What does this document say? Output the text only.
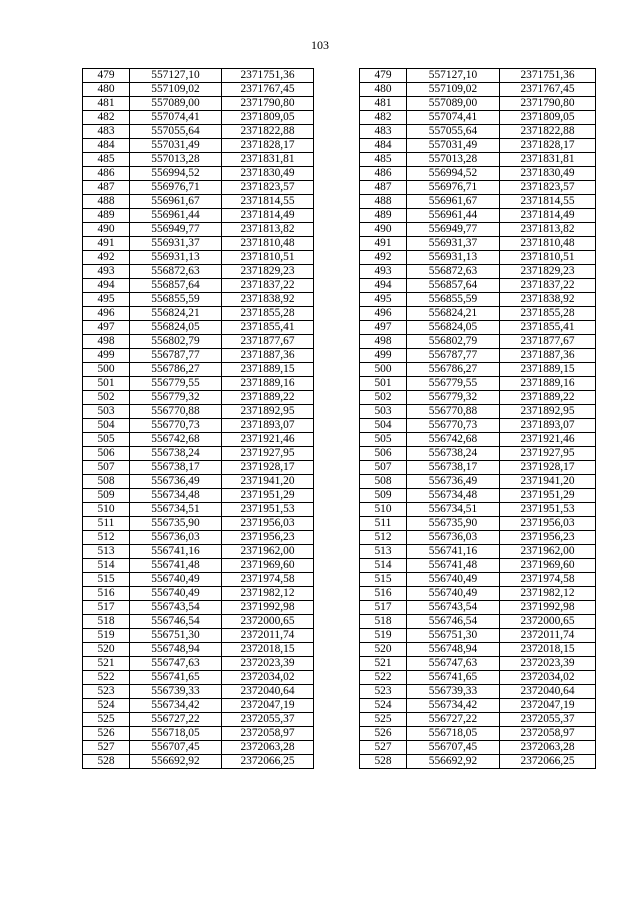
103
479	557127,10	2371751,36		479	557127,10	2371751,36
480	557109,02	2371767,45		480	557109,02	2371767,45
481	557089,00	2371790,80		481	557089,00	2371790,80
482	557074,41	2371809,05		482	557074,41	2371809,05
483	557055,64	2371822,88		483	557055,64	2371822,88
484	557031,49	2371828,17		484	557031,49	2371828,17
485	557013,28	2371831,81		485	557013,28	2371831,81
486	556994,52	2371830,49		486	556994,52	2371830,49
487	556976,71	2371823,57		487	556976,71	2371823,57
488	556961,67	2371814,55		488	556961,67	2371814,55
489	556961,44	2371814,49		489	556961,44	2371814,49
490	556949,77	2371813,82		490	556949,77	2371813,82
491	556931,37	2371810,48		491	556931,37	2371810,48
492	556931,13	2371810,51		492	556931,13	2371810,51
493	556872,63	2371829,23		493	556872,63	2371829,23
494	556857,64	2371837,22		494	556857,64	2371837,22
495	556855,59	2371838,92		495	556855,59	2371838,92
496	556824,21	2371855,28		496	556824,21	2371855,28
497	556824,05	2371855,41		497	556824,05	2371855,41
498	556802,79	2371877,67		498	556802,79	2371877,67
499	556787,77	2371887,36		499	556787,77	2371887,36
500	556786,27	2371889,15		500	556786,27	2371889,15
501	556779,55	2371889,16		501	556779,55	2371889,16
502	556779,32	2371889,22		502	556779,32	2371889,22
503	556770,88	2371892,95		503	556770,88	2371892,95
504	556770,73	2371893,07		504	556770,73	2371893,07
505	556742,68	2371921,46		505	556742,68	2371921,46
506	556738,24	2371927,95		506	556738,24	2371927,95
507	556738,17	2371928,17		507	556738,17	2371928,17
508	556736,49	2371941,20		508	556736,49	2371941,20
509	556734,48	2371951,29		509	556734,48	2371951,29
510	556734,51	2371951,53		510	556734,51	2371951,53
511	556735,90	2371956,03		511	556735,90	2371956,03
512	556736,03	2371956,23		512	556736,03	2371956,23
513	556741,16	2371962,00		513	556741,16	2371962,00
514	556741,48	2371969,60		514	556741,48	2371969,60
515	556740,49	2371974,58		515	556740,49	2371974,58
516	556740,49	2371982,12		516	556740,49	2371982,12
517	556743,54	2371992,98		517	556743,54	2371992,98
518	556746,54	2372000,65		518	556746,54	2372000,65
519	556751,30	2372011,74		519	556751,30	2372011,74
520	556748,94	2372018,15		520	556748,94	2372018,15
521	556747,63	2372023,39		521	556747,63	2372023,39
522	556741,65	2372034,02		522	556741,65	2372034,02
523	556739,33	2372040,64		523	556739,33	2372040,64
524	556734,42	2372047,19		524	556734,42	2372047,19
525	556727,22	2372055,37		525	556727,22	2372055,37
526	556718,05	2372058,97		526	556718,05	2372058,97
527	556707,45	2372063,28		527	556707,45	2372063,28
528	556692,92	2372066,25		528	556692,92	2372066,25
